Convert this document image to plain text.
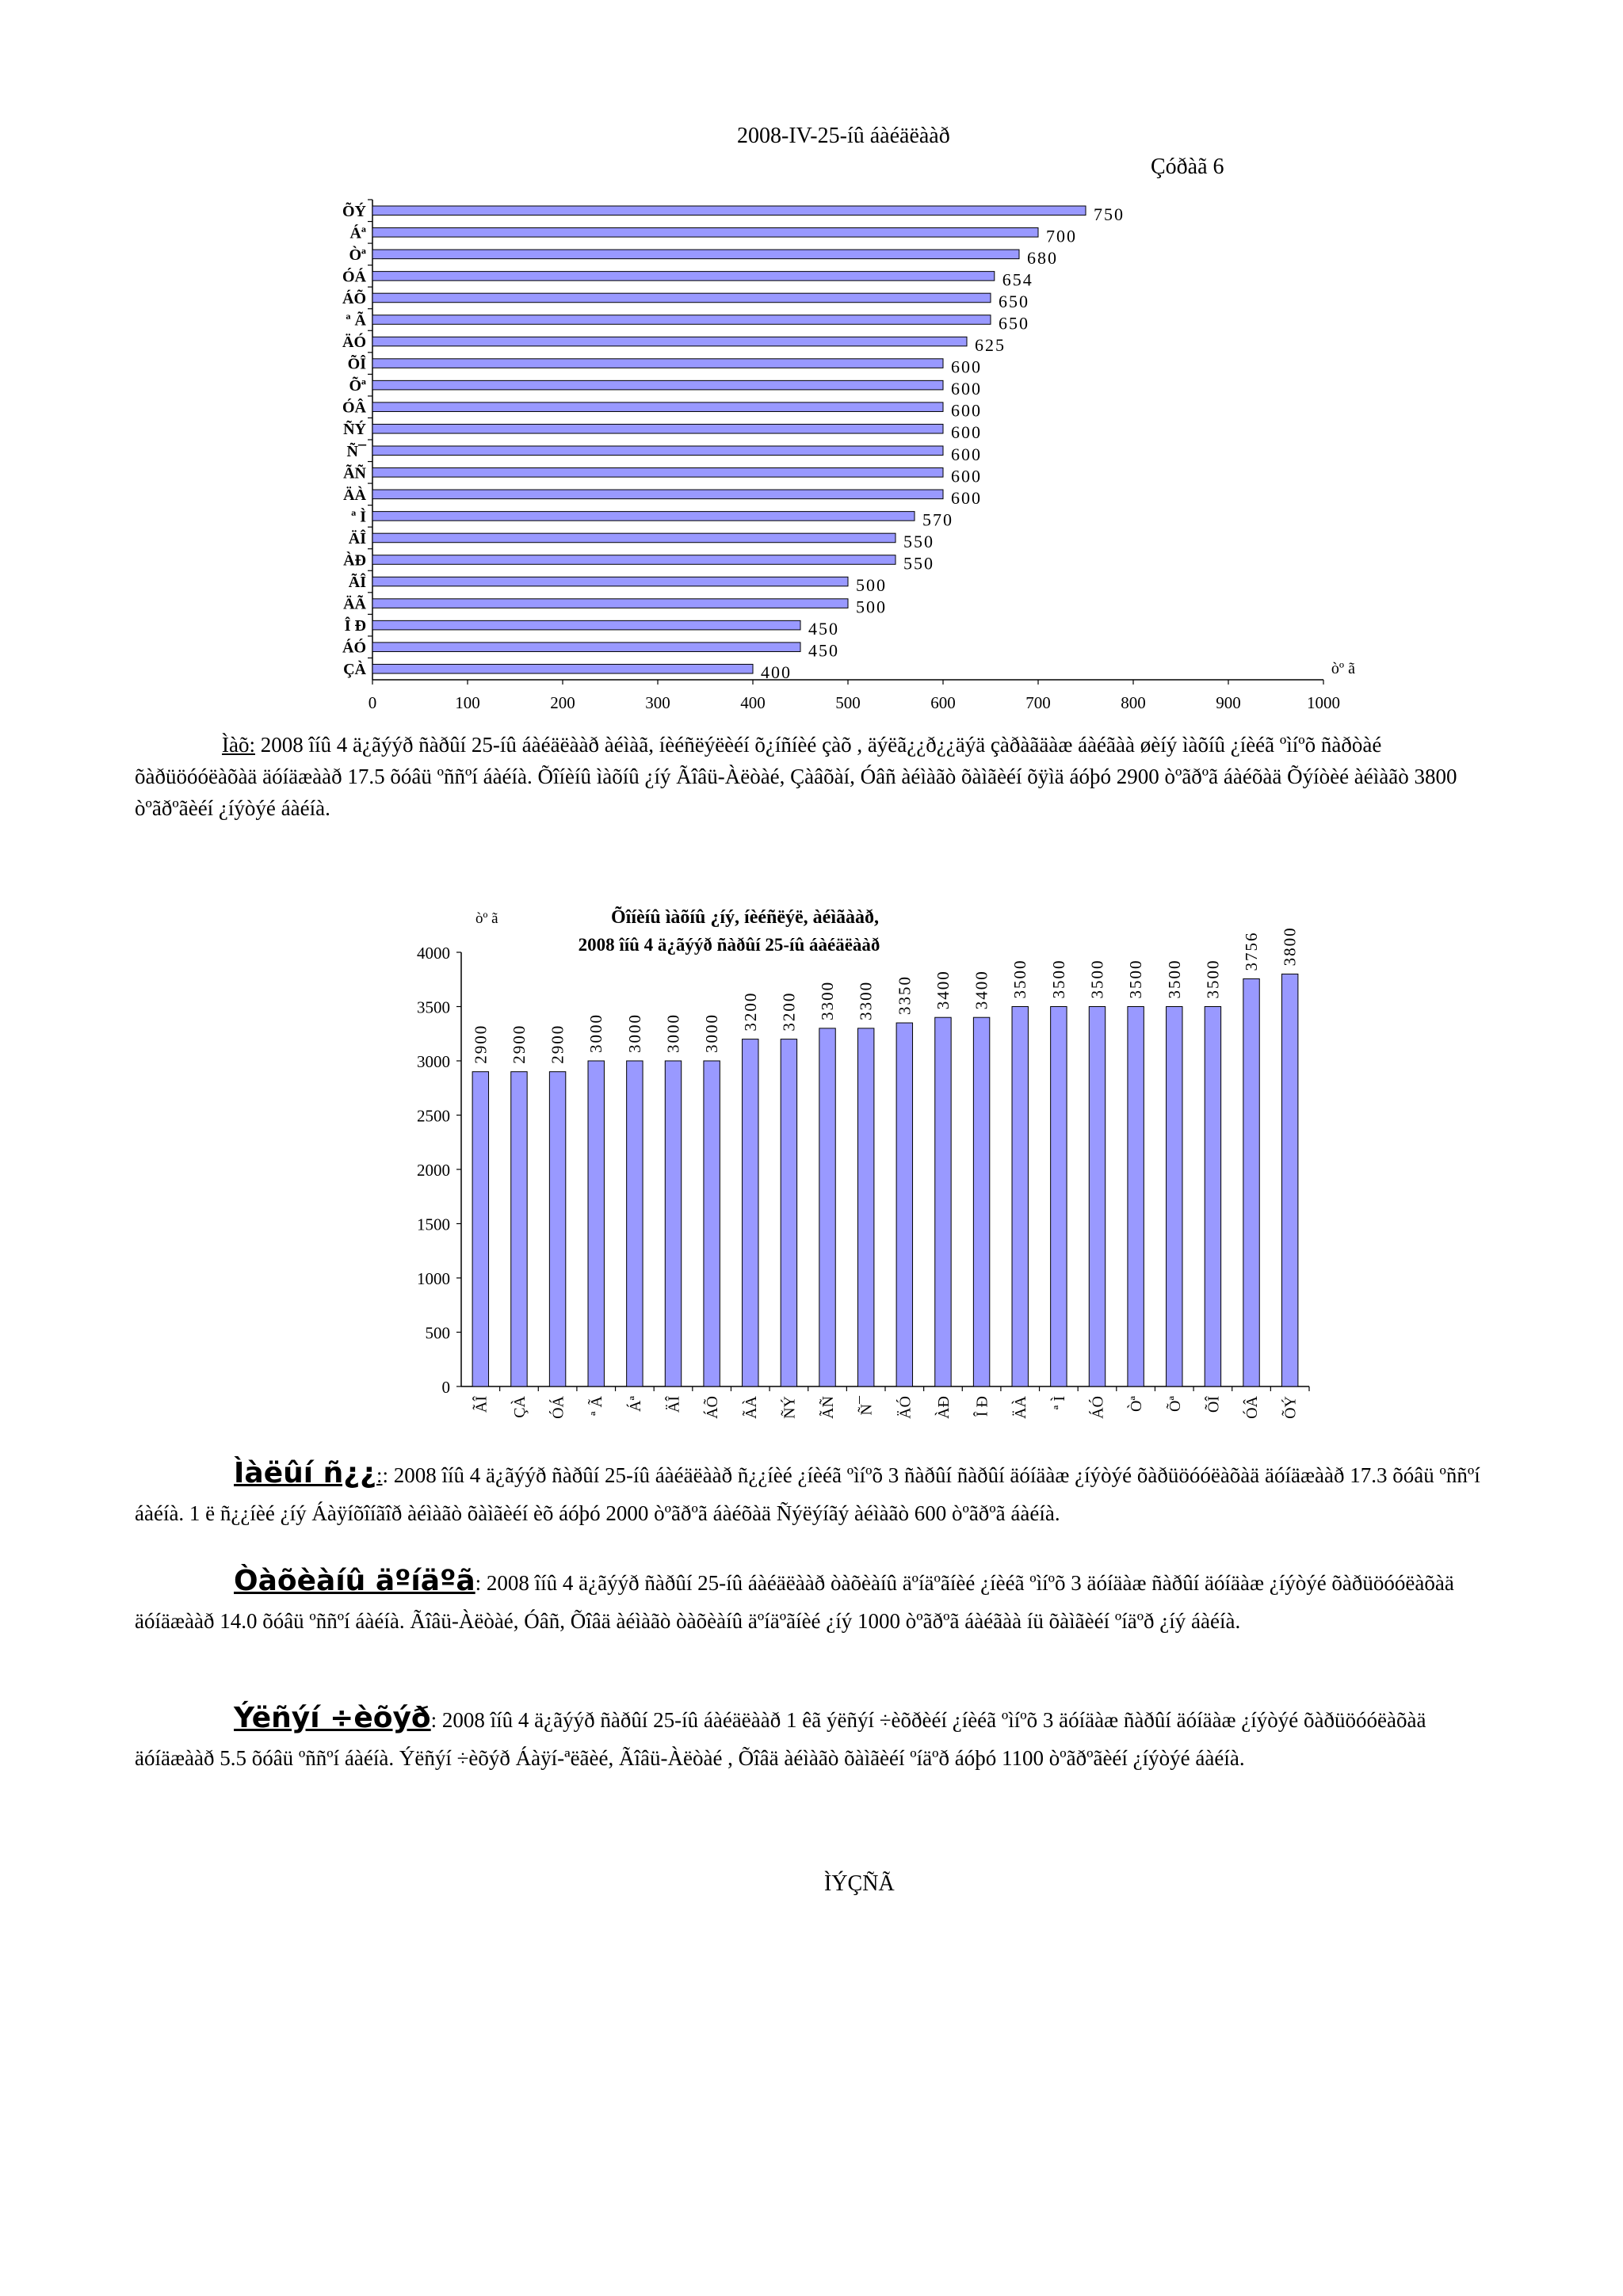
2008-IV-25-íû áàéäëààð
Çóðàã 6
0	100	200	300	400	500	600	700	800	900	1000
òº ã
ÕÝ	750
Áª	700
Òª	680
ÓÁ	654
ÁÕ	650
ª Ã	650
ÄÓ	625
ÕÎ	600
Õª	600
ÓÂ	600
ÑÝ	600
Ñ¯	600
ÃÑ	600
ÄÀ	600
ª Ì	570
ÄÎ	550
ÀÐ	550
ÃÎ	500
ÄÃ	500
Î Ð	450
ÁÓ	450
ÇÀ	400
Ìàõ: 2008 îíû 4 ä¿ãýýð ñàðûí 25-íû áàéäëààð àéìàã, íèéñëýëèéí õ¿íñíèé çàõ , äýëã¿¿ð¿¿äýä çàðàãäàæ áàéãàà øèíý ìàõíû ¿íèéã ºìíºõ ñàðòàé õàðüöóóëàõàä äóíäæààð 17.5 õóâü ºññºí áàéíà. Õîíèíû ìàõíû ¿íý Ãîâü-Àëòàé, Çàâõàí, Óâñ àéìàãò õàìãèéí õÿìä áóþó 2900 òºãðºã áàéõàä Õýíòèé àéìàãò 3800 òºãðºãèéí ¿íýòýé áàéíà.
0
500
1000
1500
2000
2500
3000
3500
4000
òº ã	Õîíèíû ìàõíû ¿íý, íèéñëýë, àéìãààð,
2008 îíû 4 ä¿ãýýð ñàðûí 25-íû áàéäëààð
2900
ÃÎ
2900
ÇÀ
2900
ÓÁ
3000
ª Ã
3000
Áª
3000
ÄÎ
3000
ÁÕ
3200
ÃÀ
3200
ÑÝ
3300
ÃÑ
3300
Ñ¯
3350
ÄÓ
3400
ÀÐ
3400
Î Ð
3500
ÄÀ
3500
ª Ì
3500
ÁÓ
3500
Òª
3500
Õª
3500
ÕÎ
3756
ÓÂ
3800
ÕÝ
Ìàëûí ñ¿¿:: 2008 îíû 4 ä¿ãýýð ñàðûí 25-íû áàéäëààð ñ¿¿íèé ¿íèéã ºìíºõ 3 ñàðûí ñàðûí äóíäàæ ¿íýòýé õàðüöóóëàõàä äóíäæààð 17.3 õóâü ºññºí áàéíà. 1 ë ñ¿¿íèé ¿íý Áàÿíõîíãîð àéìàãò õàìãèéí èõ áóþó 2000 òºãðºã áàéõàä Ñýëýíãý àéìàãò 600 òºãðºã áàéíà.
Òàõèàíû äºíäºã: 2008 îíû 4 ä¿ãýýð ñàðûí 25-íû áàéäëààð òàõèàíû äºíäºãíèé ¿íèéã ºìíºõ 3 äóíäàæ ñàðûí äóíäàæ ¿íýòýé õàðüöóóëàõàä äóíäæààð 14.0 õóâü ºññºí áàéíà. Ãîâü-Àëòàé, Óâñ, Õîâä àéìàãò òàõèàíû äºíäºãíèé ¿íý 1000 òºãðºã áàéãàà íü õàìãèéí ºíäºð ¿íý áàéíà.
Ýëñýí ÷èõýð: 2008 îíû 4 ä¿ãýýð ñàðûí 25-íû áàéäëààð 1 êã ýëñýí ÷èõðèéí ¿íèéã ºìíºõ 3 äóíäàæ ñàðûí äóíäàæ ¿íýòýé õàðüöóóëàõàä äóíäæààð 5.5 õóâü ºññºí áàéíà. Ýëñýí ÷èõýð Áàÿí-ªëãèé, Ãîâü-Àëòàé , Õîâä àéìàãò õàìãèéí ºíäºð áóþó 1100 òºãðºãèéí ¿íýòýé áàéíà.
ÌÝÇÑÃ
